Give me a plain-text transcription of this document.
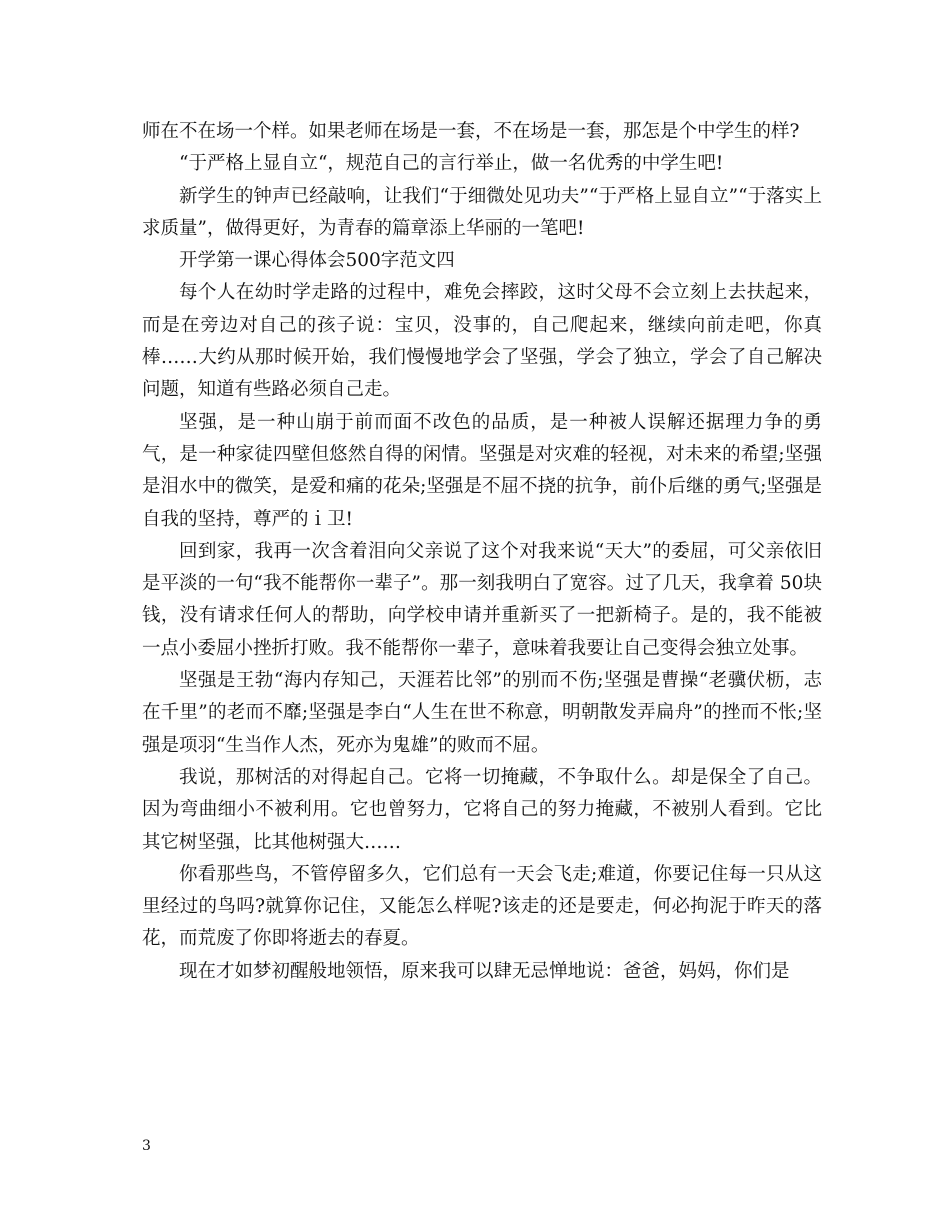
师在不在场一个样。如果老师在场是一套，不在场是一套，那怎是个中学生的样?

“于严格上显自立“，规范自己的言行举止，做一名优秀的中学生吧!

新学生的钟声已经敲响，让我们“于细微处见功夫”“于严格上显自立”“于落实上求质量”，做得更好，为青春的篇章添上华丽的一笔吧!

开学第一课心得体会500字范文四

每个人在幼时学走路的过程中，难免会摔跤，这时父母不会立刻上去扶起来，而是在旁边对自己的孩子说：宝贝，没事的，自己爬起来，继续向前走吧，你真棒……大约从那时候开始，我们慢慢地学会了坚强，学会了独立，学会了自己解决问题，知道有些路必须自己走。

坚强，是一种山崩于前而面不改色的品质，是一种被人误解还据理力争的勇气，是一种家徒四壁但悠然自得的闲情。坚强是对灾难的轻视，对未来的希望;坚强是泪水中的微笑，是爱和痛的花朵;坚强是不屈不挠的抗争，前仆后继的勇气;坚强是自我的坚持，尊严的ｉ卫!

回到家，我再一次含着泪向父亲说了这个对我来说“天大”的委屈，可父亲依旧是平淡的一句“我不能帮你一辈子”。那一刻我明白了宽容。过了几天，我拿着 50块钱，没有请求任何人的帮助，向学校申请并重新买了一把新椅子。是的，我不能被一点小委屈小挫折打败。我不能帮你一辈子，意味着我要让自己变得会独立处事。

坚强是王勃“海内存知己，天涯若比邻”的别而不伤;坚强是曹操“老骥伏枥，志在千里”的老而不靡;坚强是李白“人生在世不称意，明朝散发弄扁舟”的挫而不怅;坚强是项羽“生当作人杰，死亦为鬼雄”的败而不屈。

我说，那树活的对得起自己。它将一切掩藏，不争取什么。却是保全了自己。因为弯曲细小不被利用。它也曾努力，它将自己的努力掩藏，不被别人看到。它比其它树坚强，比其他树强大……

你看那些鸟，不管停留多久，它们总有一天会飞走;难道，你要记住每一只从这里经过的鸟吗?就算你记住，又能怎么样呢?该走的还是要走，何必拘泥于昨天的落花，而荒废了你即将逝去的春夏。

现在才如梦初醒般地领悟，原来我可以肆无忌惮地说：爸爸，妈妈，你们是

3
